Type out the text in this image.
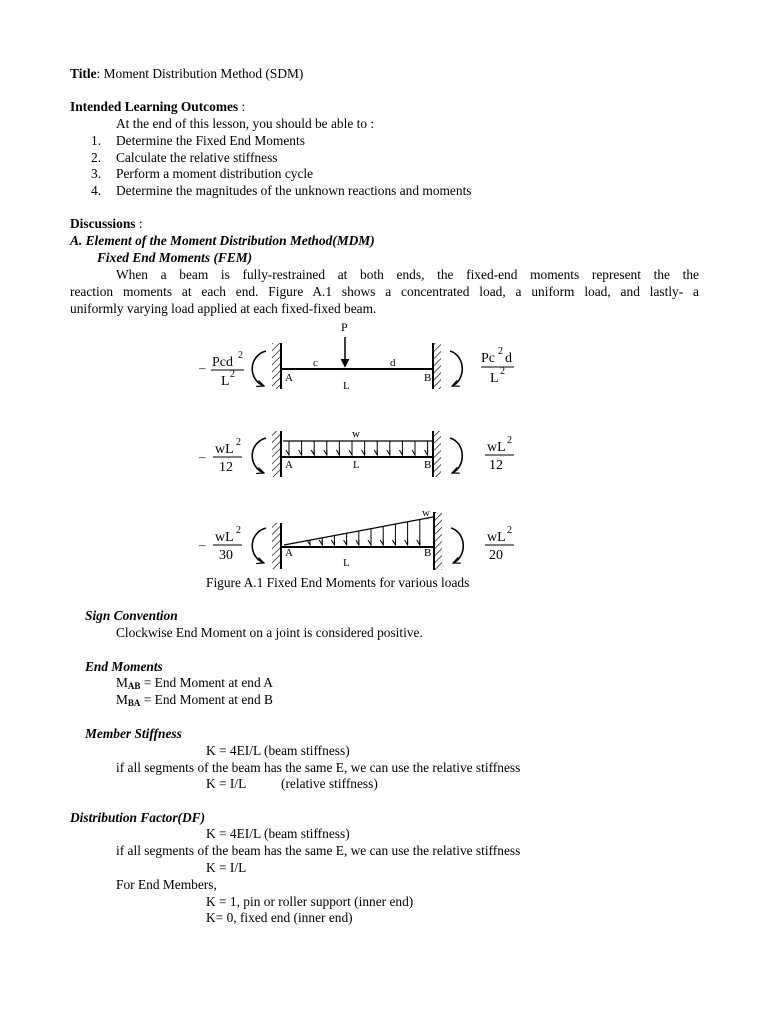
Title: Moment Distribution Method (SDM)
Intended Learning Outcomes :
At the end of this lesson, you should be able to :
1. Determine the Fixed End Moments
2. Calculate the relative stiffness
3. Perform a moment distribution cycle
4. Determine the magnitudes of the unknown reactions and moments
Discussions :
A. Element of the Moment Distribution Method(MDM)
Fixed End Moments (FEM)
When a beam is fully-restrained at both ends, the fixed-end moments represent the the
reaction moments at each end. Figure A.1 shows a concentrated load, a uniform load, and lastly- a
uniformly varying load applied at each fixed-fixed beam.
P
c	d
A	B
L
– Pcd 2
L 2
Pc 2 d
L 2
w
A	B
L
– wL 2
12
wL 2
12
w
A	B
L
– wL 2
30
wL 2
20
Figure A.1 Fixed End Moments for various loads
Sign Convention
Clockwise End Moment on a joint is considered positive.
End Moments
$M_{AB}$ = End Moment at end A
$M_{BA}$ = End Moment at end B
Member Stiffness
K = 4EI/L (beam stiffness)
if all segments of the beam has the same E, we can use the relative stiffness
K = I/L	(relative stiffness)
Distribution Factor(DF)
K = 4EI/L (beam stiffness)
if all segments of the beam has the same E, we can use the relative stiffness
K = I/L
For End Members,
K = 1, pin or roller support (inner end)
K= 0, fixed end (inner end)
